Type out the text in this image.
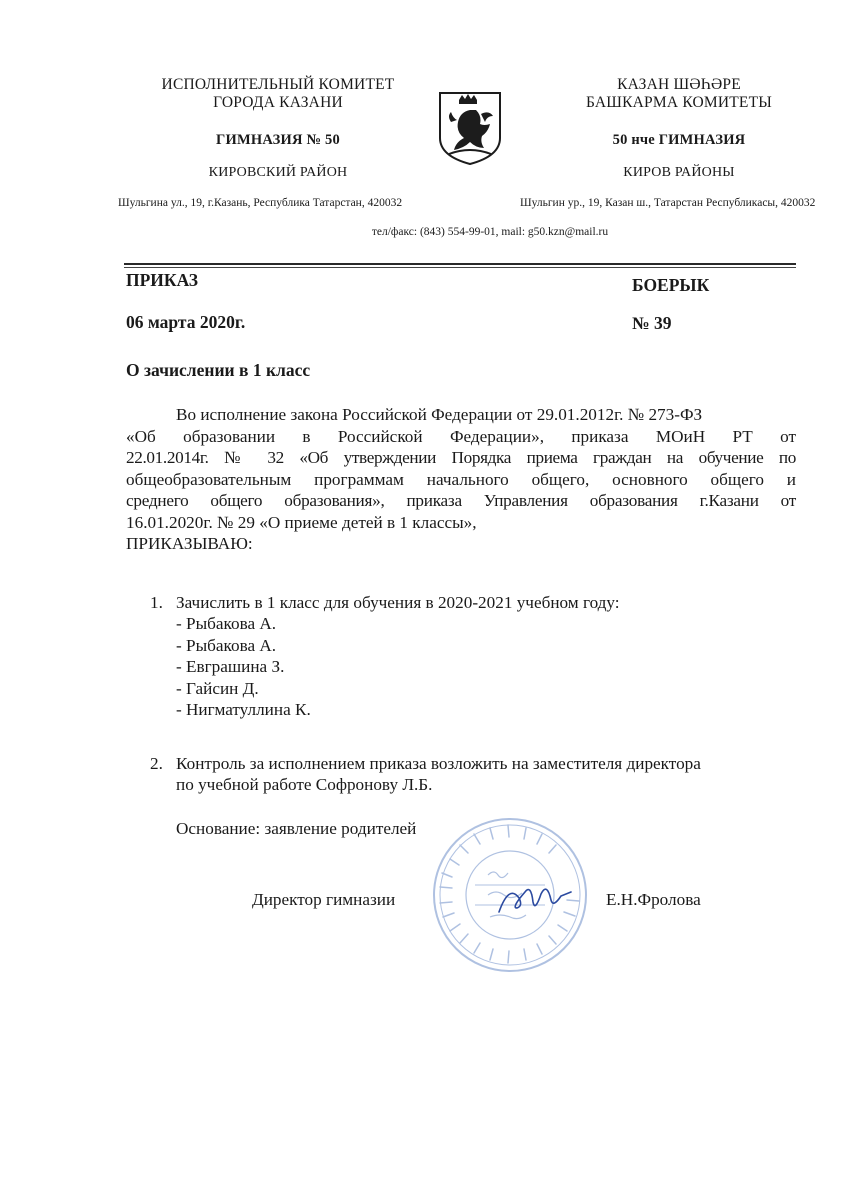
ИСПОЛНИТЕЛЬНЫЙ КОМИТЕТ
ГОРОДА КАЗАНИ
ГИМНАЗИЯ № 50
КИРОВСКИЙ РАЙОН
Шульгина ул., 19, г.Казань, Республика Татарстан, 420032
КАЗАН ШӘҺӘРЕ
БАШКАРМА КОМИТЕТЫ
50 нче ГИМНАЗИЯ
КИРОВ РАЙОНЫ
Шульгин ур., 19, Казан ш., Татарстан Республикасы, 420032
тел/факс: (843) 554-99-01, mail: g50.kzn@mail.ru
ПРИКАЗ	БОЕРЫК
06 марта 2020г.	№ 39
О зачислении в 1 класс
Во исполнение закона Российской Федерации от 29.01.2012г. № 273-ФЗ
«Об образовании в Российской Федерации», приказа МОиН РТ от
22.01.2014г. № 32 «Об утверждении Порядка приема граждан на обучение по
общеобразовательным программам начального общего, основного общего и
среднего общего образования», приказа Управления образования г.Казани от
16.01.2020г. № 29 «О приеме детей в 1 классы»,
ПРИКАЗЫВАЮ:
1. Зачислить в 1 класс для обучения в 2020-2021 учебном году:
- Рыбакова А.
- Рыбакова А.
- Евграшина З.
- Гайсин Д.
- Нигматуллина К.
2. Контроль за исполнением приказа возложить на заместителя директора
по учебной работе Софронову Л.Б.
Основание: заявление родителей
Директор гимназии	Е.Н.Фролова
